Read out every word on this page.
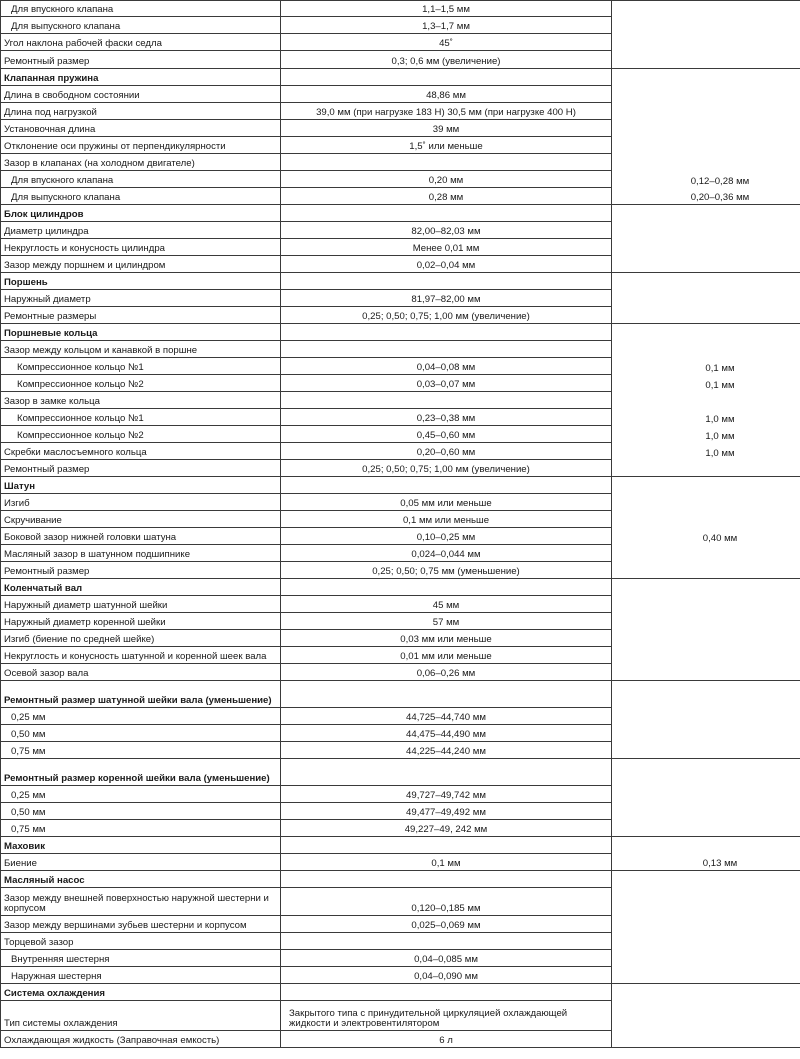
Для впускного клапана	1,1–1,5 мм	
Для выпускного клапана	1,3–1,7 мм	
Угол наклона рабочей фаски седла	45˚	
Ремонтный размер	0,3; 0,6 мм (увеличение)	
Клапанная пружина		
Длина в свободном состоянии	48,86 мм	
Длина под нагрузкой	39,0 мм (при нагрузке 183 Н) 30,5 мм (при нагрузке 400 Н)	
Установочная длина	39 мм	
Отклонение оси пружины от перпендикулярности	1,5˚ или меньше	
Зазор в клапанах (на холодном двигателе)		
Для впускного клапана	0,20 мм	0,12–0,28 мм
Для выпускного клапана	0,28 мм	0,20–0,36 мм
Блок цилиндров		
Диаметр цилиндра	82,00–82,03 мм	
Некруглость и конусность цилиндра	Менее 0,01 мм	
Зазор между поршнем и цилиндром	0,02–0,04 мм	
Поршень		
Наружный диаметр	81,97–82,00 мм	
Ремонтные размеры	0,25; 0,50; 0,75; 1,00 мм (увеличение)	
Поршневые кольца		
Зазор между кольцом и канавкой в поршне		
Компрессионное кольцо №1	0,04–0,08 мм	0,1 мм
Компрессионное кольцо №2	0,03–0,07 мм	0,1 мм
Зазор в замке кольца		
Компрессионное кольцо №1	0,23–0,38 мм	1,0 мм
Компрессионное кольцо №2	0,45–0,60 мм	1,0 мм
Скребки маслосъемного кольца	0,20–0,60 мм	1,0 мм
Ремонтный размер	0,25; 0,50; 0,75; 1,00 мм (увеличение)	
Шатун		
Изгиб	0,05 мм или меньше	
Скручивание	0,1 мм или меньше	
Боковой зазор нижней головки шатуна	0,10–0,25 мм	0,40 мм
Масляный зазор в шатунном подшипнике	0,024–0,044 мм	
Ремонтный размер	0,25; 0,50; 0,75 мм (уменьшение)	
Коленчатый вал		
Наружный диаметр шатунной шейки	45 мм	
Наружный диаметр коренной шейки	57 мм	
Изгиб (биение по средней шейке)	0,03 мм или меньше	
Некруглость и конусность шатунной и коренной шеек вала	0,01 мм или меньше	
Осевой зазор вала	0,06–0,26 мм	
Ремонтный размер шатунной шейки вала (уменьшение)		
0,25 мм	44,725–44,740 мм	
0,50 мм	44,475–44,490 мм	
0,75 мм	44,225–44,240 мм	
Ремонтный размер коренной шейки вала (уменьшение)		
0,25 мм	49,727–49,742 мм	
0,50 мм	49,477–49,492 мм	
0,75 мм	49,227–49, 242 мм	
Маховик		
Биение	0,1 мм	0,13 мм
Масляный насос		
Зазор между внешней поверхностью наружной шестерни и корпусом	0,120–0,185 мм	
Зазор между вершинами зубьев шестерни и корпусом	0,025–0,069 мм	
Торцевой зазор		
Внутренняя шестерня	0,04–0,085 мм	
Наружная шестерня	0,04–0,090 мм	
Система охлаждения		
Тип системы охлаждения	Закрытого типа с принудительной циркуляцией охлаждающей жидкости и электровентилятором	
Охлаждающая жидкость (Заправочная емкость)	6 л	
